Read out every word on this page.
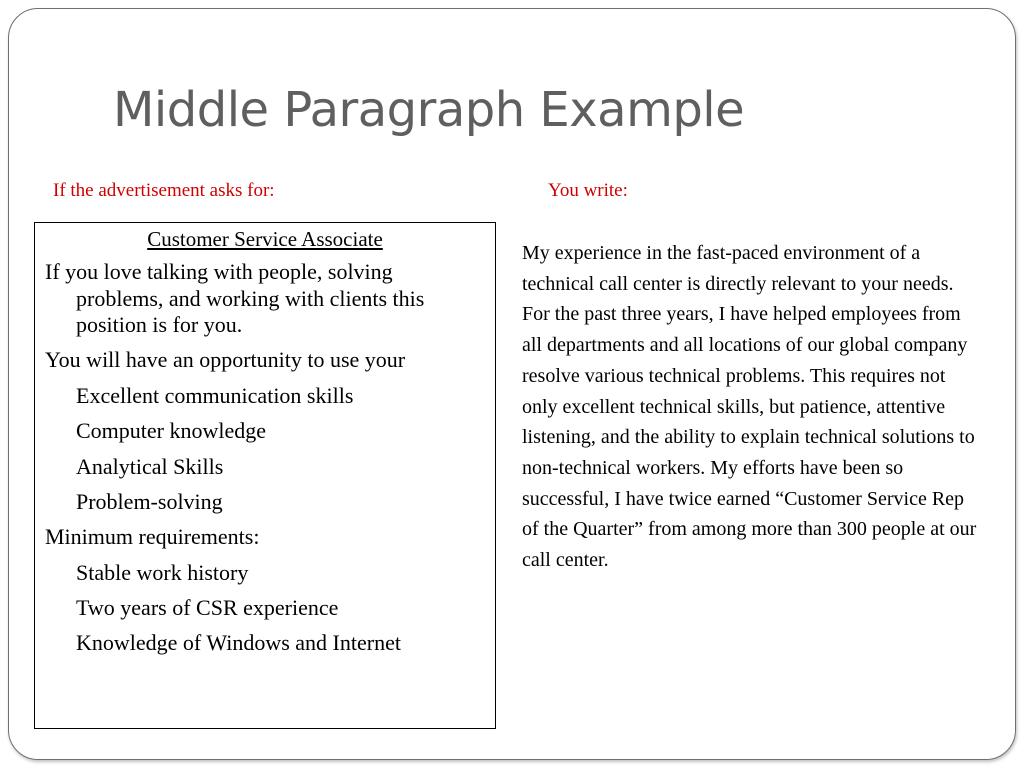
Middle Paragraph Example
If the advertisement asks for:	You write:

Customer Service Associate

If you love talking with people, solving problems, and working with clients this position is for you.

You will have an opportunity to use your

Excellent communication skills

Computer knowledge

Analytical Skills

Problem-solving

Minimum requirements:

Stable work history

Two years of CSR experience

Knowledge of Windows and Internet

My experience in the fast-paced environment of a technical call center is directly relevant to your needs. For the past three years, I have helped employees from all departments and all locations of our global company resolve various technical problems. This requires not only excellent technical skills, but patience, attentive listening, and the ability to explain technical solutions to non-technical workers. My efforts have been so successful, I have twice earned “Customer Service Rep of the Quarter” from among more than 300 people at our call center.
